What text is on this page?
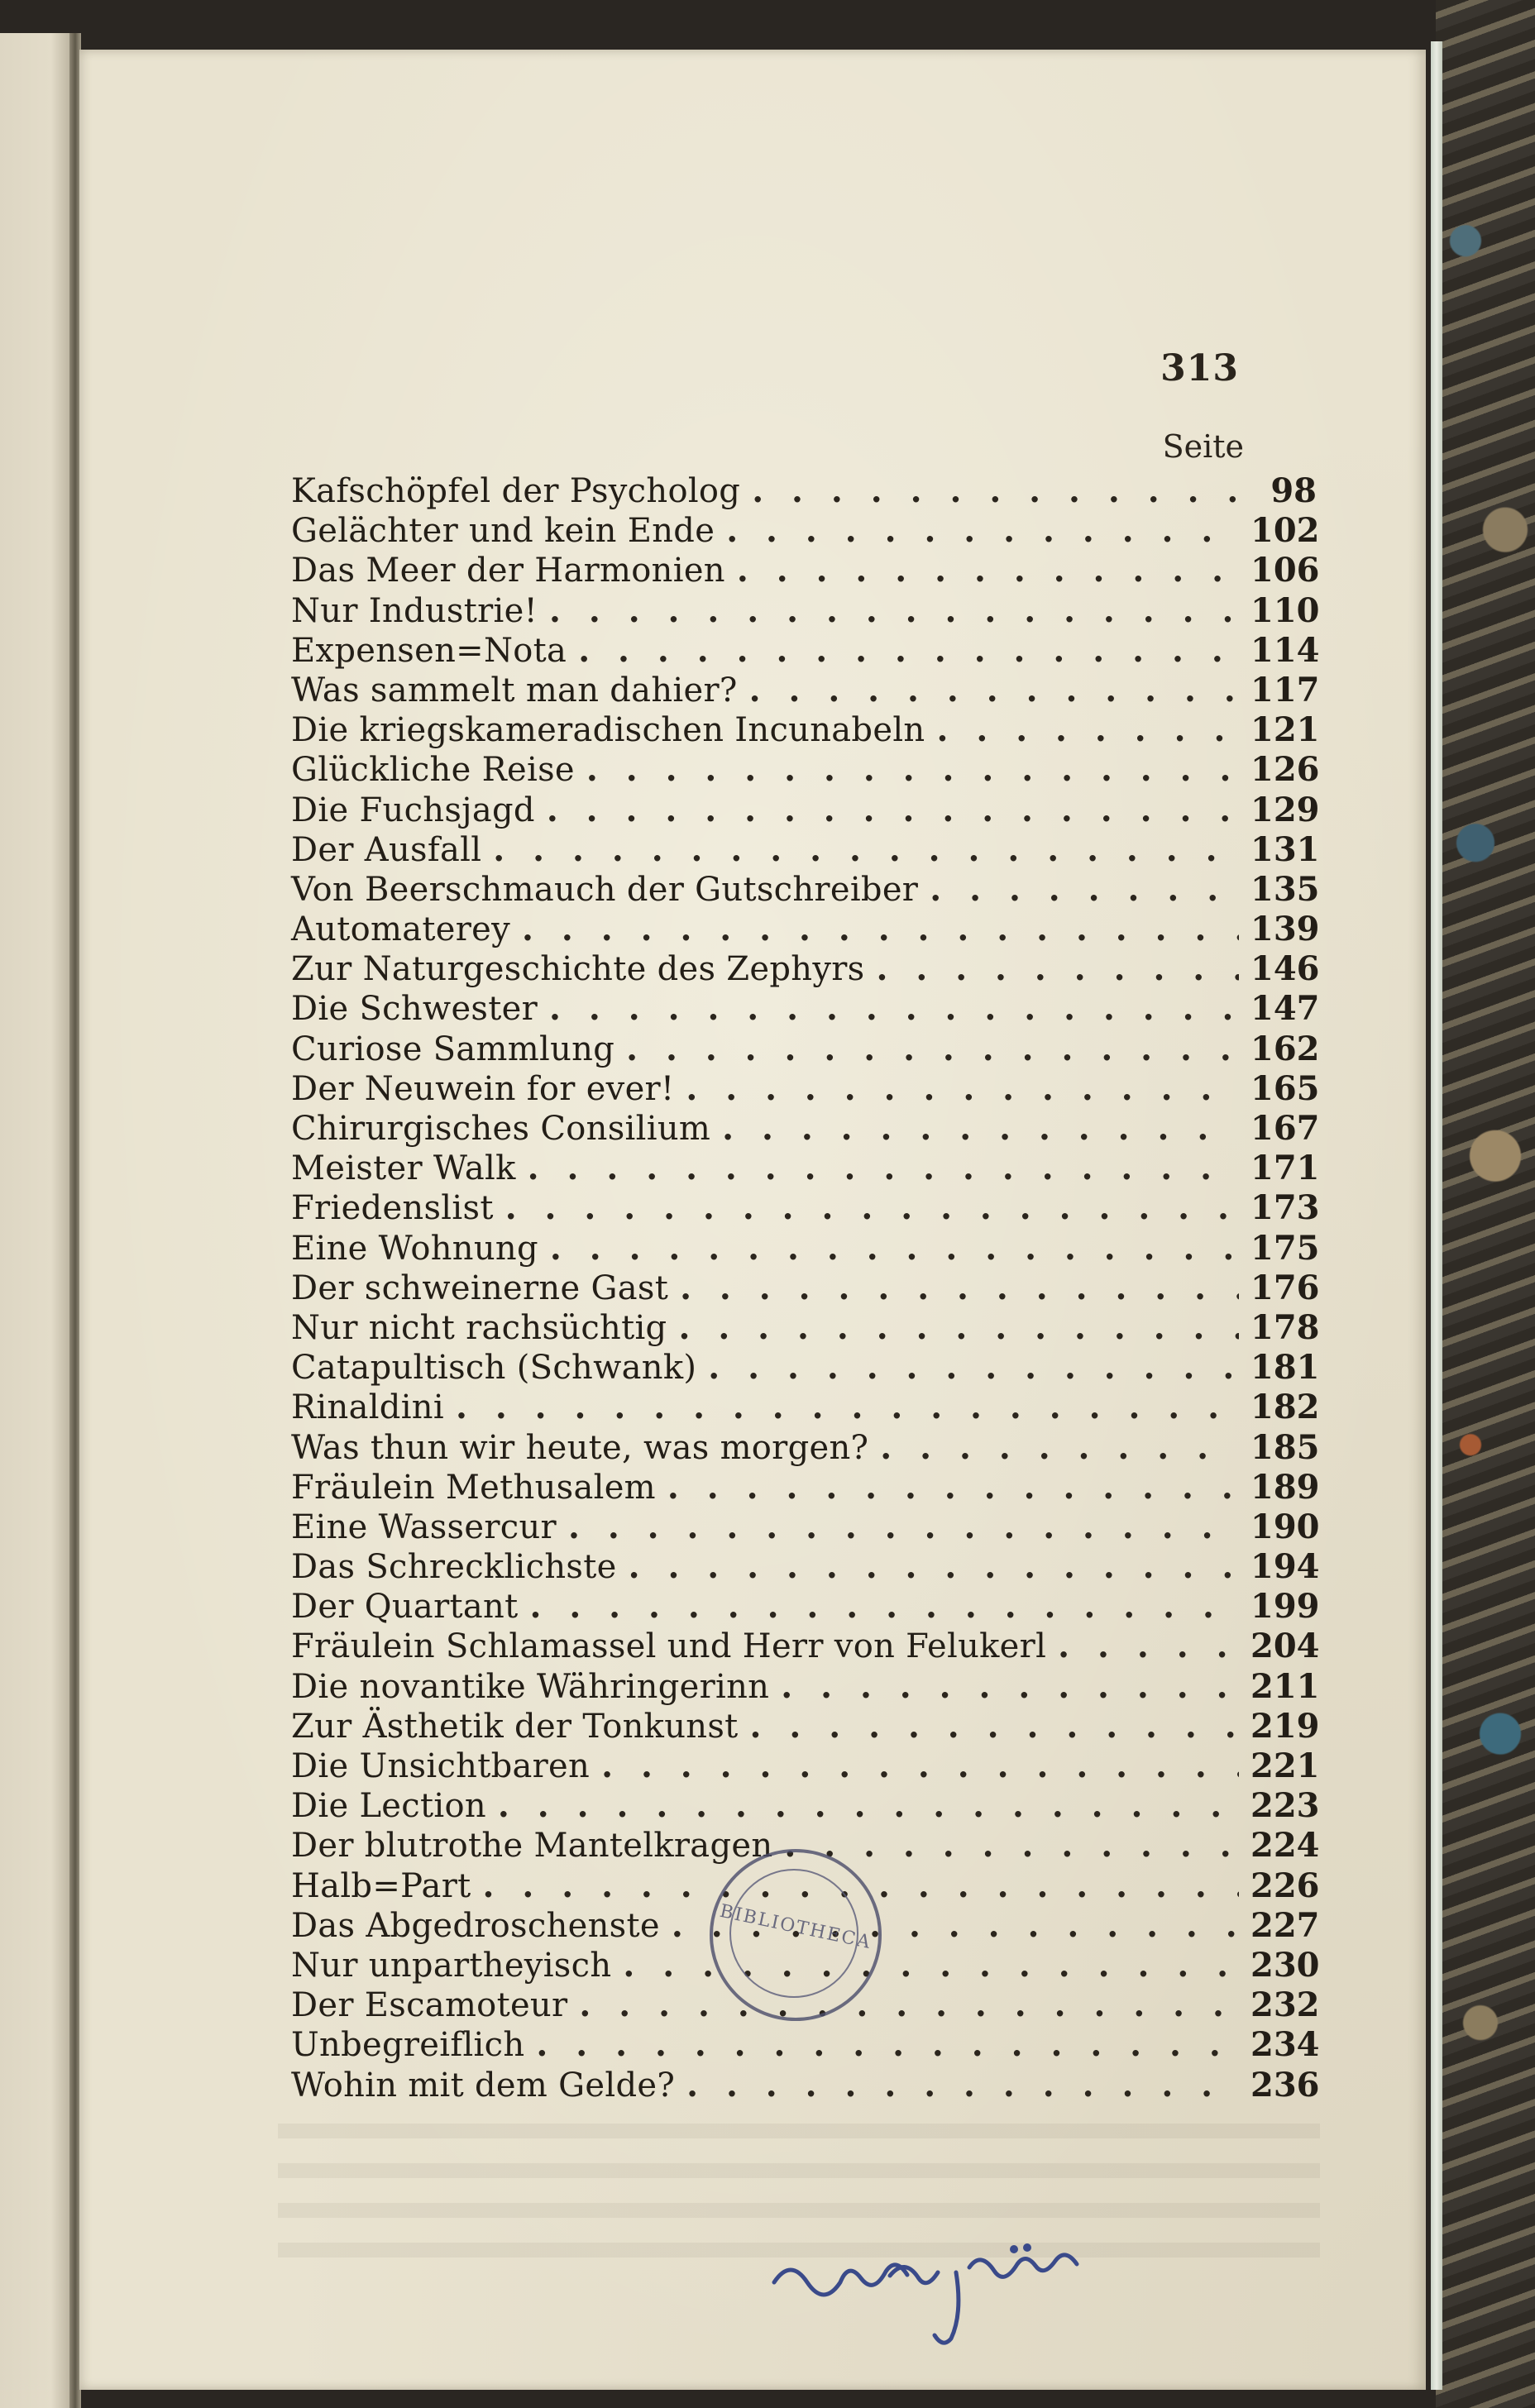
313
Seite
Kafschöpfel der Psycholog . . .	98
Gelächter und kein Ende . . .	102
Das Meer der Harmonien . . .	106
Nur Industrie! . . .	110
Expensen=Nota . . .	114
Was sammelt man dahier? . . .	117
Die kriegskameradischen Incunabeln . . .	121
Glückliche Reise . . .	126
Die Fuchsjagd . . .	129
Der Ausfall . . .	131
Von Beerschmauch der Gutschreiber . . .	135
Automaterey . . .	139
Zur Naturgeschichte des Zephyrs . . .	146
Die Schwester . . .	147
Curiose Sammlung . . .	162
Der Neuwein for ever! . . .	165
Chirurgisches Consilium . . .	167
Meister Walk . . .	171
Friedenslist . . .	173
Eine Wohnung . . .	175
Der schweinerne Gast . . .	176
Nur nicht rachsüchtig . . .	178
Catapultisch (Schwank) . . .	181
Rinaldini . . .	182
Was thun wir heute, was morgen? . . .	185
Fräulein Methusalem . . .	189
Eine Wassercur . . .	190
Das Schrecklichste . . .	194
Der Quartant . . .	199
Fräulein Schlamassel und Herr von Felukerl . . .	204
Die novantike Währingerinn . . .	211
Zur Ästhetik der Tonkunst . . .	219
Die Unsichtbaren . . .	221
Die Lection . . .	223
Der blutrothe Mantelkragen . . .	224
Halb=Part . . .	226
Das Abgedroschenste . . .	227
Nur unpartheyisch . . .	230
Der Escamoteur . . .	232
Unbegreiflich . . .	234
Wohin mit dem Gelde? . . .	236
BIBLIOTHECA
